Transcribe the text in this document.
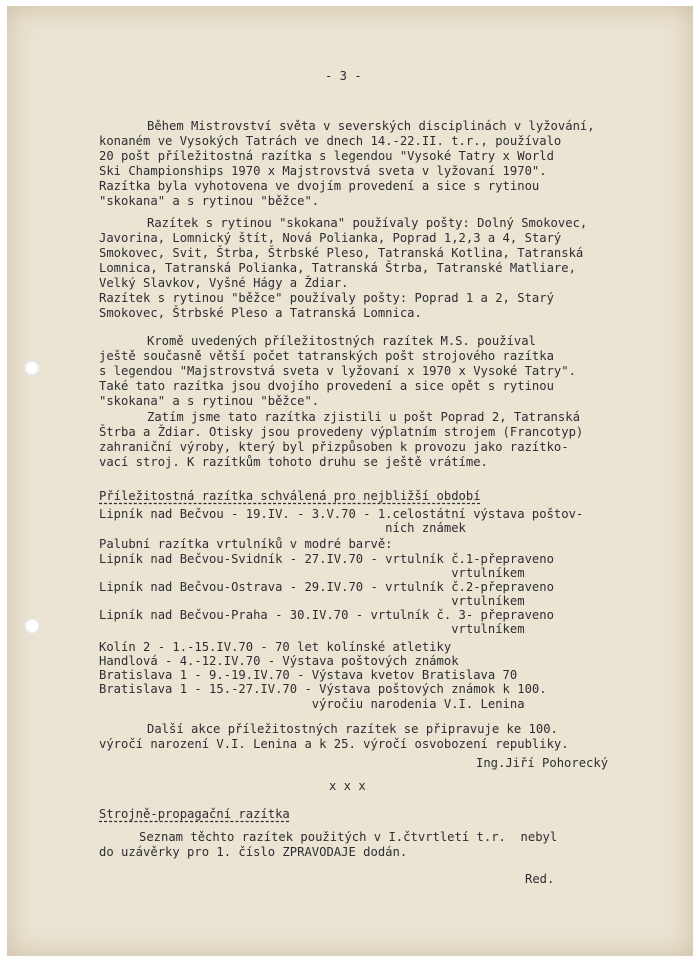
- 3 -
Během Mistrovství světa v severských disciplinách v lyžování,
konaném ve Vysokých Tatrách ve dnech 14.-22.II. t.r., používalo
20 pošt příležitostná razítka s legendou "Vysoké Tatry x World
Ski Championships 1970 x Majstrovstvá sveta v lyžovaní 1970".
Razítka byla vyhotovena ve dvojím provedení a sice s rytinou
"skokana" a s rytinou "běžce".
Razítek s rytinou "skokana" používaly pošty: Dolný Smokovec,
Javorina, Lomnický štít, Nová Polianka, Poprad 1,2,3 a 4, Starý
Smokovec, Svit, Štrba, Štrbské Pleso, Tatranská Kotlina, Tatranská
Lomnica, Tatranská Polianka, Tatranská Štrba, Tatranské Matliare,
Velký Slavkov, Vyšné Hágy a Ždiar.
Razítek s rytinou "běžce" používaly pošty: Poprad 1 a 2, Starý
Smokovec, Štrbské Pleso a Tatranská Lomnica.
Kromě uvedených příležitostných razítek M.S. používal
ještě současně větší počet tatranských pošt strojového razítka
s legendou "Majstrovstvá sveta v lyžovaní x 1970 x Vysoké Tatry".
Také tato razítka jsou dvojího provedení a sice opět s rytinou
"skokana" a s rytinou "běžce".
Zatím jsme tato razítka zjistili u pošt Poprad 2, Tatranská
Štrba a Ždiar. Otisky jsou provedeny výplatním strojem (Francotyp)
zahraniční výroby, který byl přizpůsoben k provozu jako razítko-
vací stroj. K razítkům tohoto druhu se ještě vrátíme.
Příležitostná razítka schválená pro nejbližší období
Lipník nad Bečvou - 19.IV. - 3.V.70 - 1.celostátní výstava poštov-
ních známek
Palubní razítka vrtulníků v modré barvě:
Lipník nad Bečvou-Svidník - 27.IV.70 - vrtulník č.1-přepraveno
vrtulníkem
Lipník nad Bečvou-Ostrava - 29.IV.70 - vrtulník č.2-přepraveno
vrtulníkem
Lipník nad Bečvou-Praha - 30.IV.70 - vrtulník č. 3- přepraveno
vrtulníkem
Kolín 2 - 1.-15.IV.70 - 70 let kolínské atletiky
Handlová - 4.-12.IV.70 - Výstava poštových známok
Bratislava 1 - 9.-19.IV.70 - Výstava kvetov Bratislava 70
Bratislava 1 - 15.-27.IV.70 - Výstava poštových známok k 100.
výročiu narodenia V.I. Lenina
Další akce příležitostných razítek se připravuje ke 100.
výročí narození V.I. Lenina a k 25. výročí osvobození republiky.
Ing.Jiří Pohorecký
x x x
Strojně-propagační razítka
Seznam těchto razítek použitých v I.čtvrtletí t.r.  nebyl
do uzávěrky pro 1. číslo ZPRAVODAJE dodán.
Red.
